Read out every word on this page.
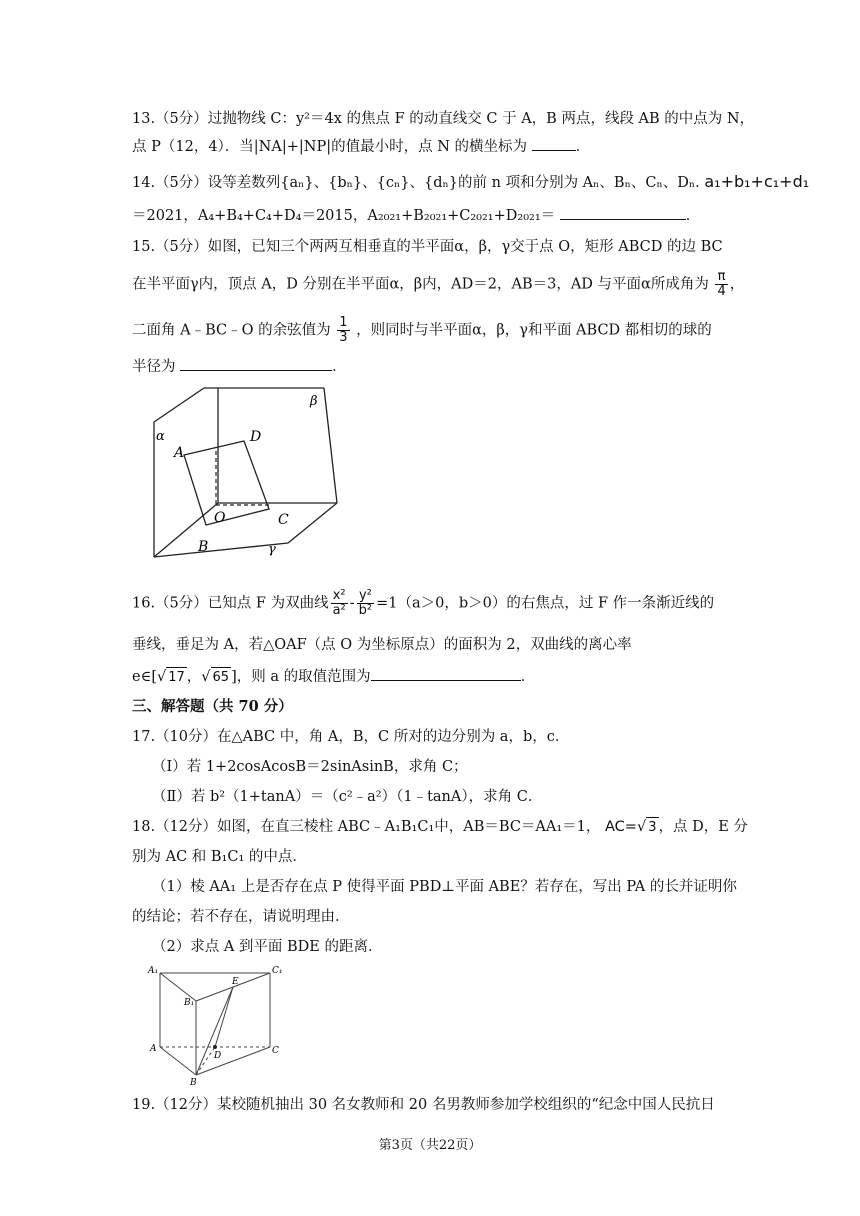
13.（5分）过抛物线 C：y²＝4x 的焦点 F 的动直线交 C 于 A，B 两点，线段 AB 的中点为 N，
点 P（12，4）．当|NA|+|NP|的值最小时，点 N 的横坐标为	．
14.（5分）设等差数列{aₙ}、{bₙ}、{cₙ}、{dₙ}的前 n 项和分别为 Aₙ、Bₙ、Cₙ、Dₙ. a₁+b₁+c₁+d₁
＝2021，A₄+B₄+C₄+D₄＝2015，A₂₀₂₁+B₂₀₂₁+C₂₀₂₁+D₂₀₂₁＝	．
15.（5分）如图，已知三个两两互相垂直的半平面α，β，γ交于点 O，矩形 ABCD 的边 BC
在半平面γ内，顶点 A，D 分别在半平面α，β内，AD＝2，AB＝3，AD 与平面α所成角为 $\frac{\pi}{4}$ ，
二面角 A﹣BC﹣O 的余弦值为 $\frac{1}{3}$ ，则同时与半平面α，β，γ和平面 ABCD 都相切的球的
半径为	．
α
β
γ
A
D
O	C
B
16.（5分）已知点 F 为双曲线 $\frac{\text{x²}}{\text{a²}} - \frac{\text{y²}}{\text{b²}} =1(a>0$，b＞0）的右焦点，过 F 作一条渐近线的
垂线，垂足为 A，若△OAF（点 O 为坐标原点）的面积为 2，双曲线的离心率
e∈[√ 17 ，√ 65 ]，则 a 的取值范围为	．
三、解答题（共 70 分）
17.（10分）在△ABC 中，角 A，B，C 所对的边分别为 a，b，c．
（Ⅰ）若 1+2cosAcosB＝2sinAsinB，求角 C；
（Ⅱ）若 b²（1+tanA）＝（c²﹣a²）（1﹣tanA），求角 C．
18.（12分）如图，在直三棱柱 ABC﹣A₁B₁C₁中，AB＝BC＝AA₁＝1， AC=√ 3 ，点 D，E 分
别为 AC 和 B₁C₁ 的中点．
（1）棱 AA₁ 上是否存在点 P 使得平面 PBD⊥平面 ABE？若存在，写出 PA 的长并证明你
的结论；若不存在，请说明理由．
（2）求点 A 到平面 BDE 的距离．
A₁	C₁
B₁
E
A	C
D
B
19.（12分）某校随机抽出 30 名女教师和 20 名男教师参加学校组织的“纪念中国人民抗日
第3页（共22页）
